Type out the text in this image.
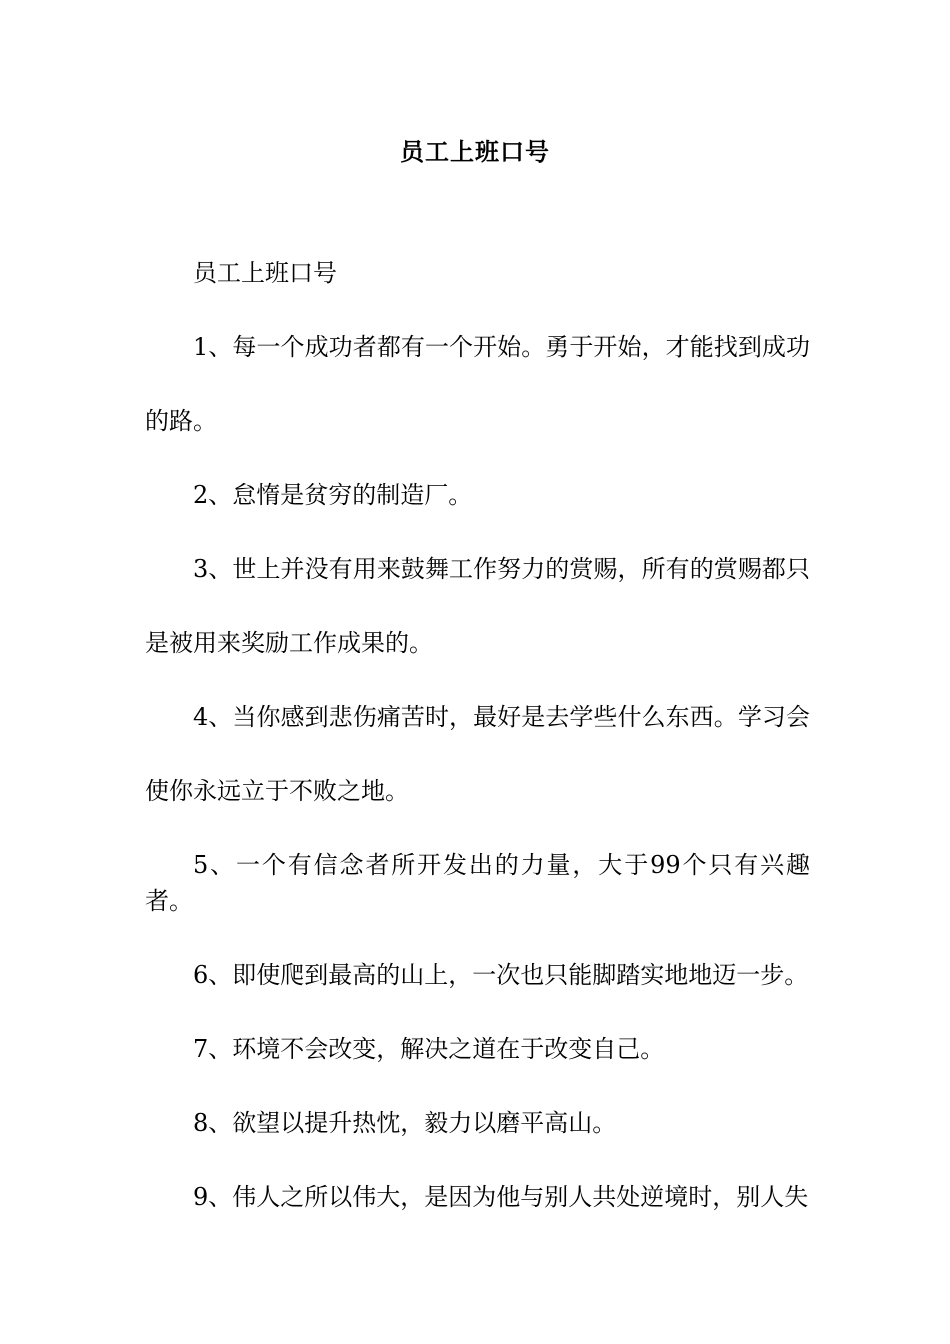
员工上班口号

员工上班口号

1、每一个成功者都有一个开始。勇于开始，才能找到成功的路。

2、怠惰是贫穷的制造厂。

3、世上并没有用来鼓舞工作努力的赏赐，所有的赏赐都只是被用来奖励工作成果的。

4、当你感到悲伤痛苦时，最好是去学些什么东西。学习会使你永远立于不败之地。

5、一个有信念者所开发出的力量，大于99个只有兴趣者。

6、即使爬到最高的山上，一次也只能脚踏实地地迈一步。

7、环境不会改变，解决之道在于改变自己。

8、欲望以提升热忱，毅力以磨平高山。

9、伟人之所以伟大，是因为他与别人共处逆境时，别人失
